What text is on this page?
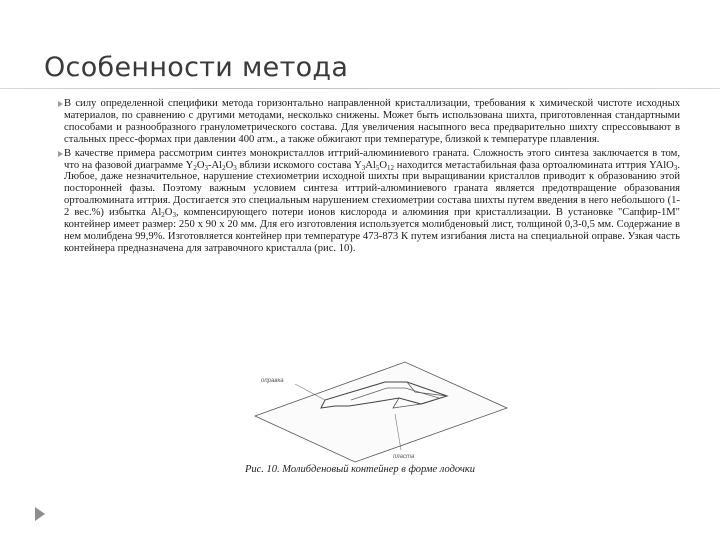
Особенности метода
В силу определенной специфики метода горизонтально направленной кристаллизации, требования к химической чистоте исходных материалов, по сравнению с другими методами, несколько снижены. Может быть использована шихта, приготовленная стандартными способами и разнообразного гранулометрического состава. Для увеличения насыпного веса предварительно шихту спрессовывают в стальных пресс-формах при давлении 400 атм., а также обжигают при температуре, близкой к температуре плавления.
В качестве примера рассмотрим синтез монокристаллов иттрий-алюминиевого граната. Сложность этого синтеза заключается в том, что на фазовой диаграмме $Y_2O_3-Al_2O_3$ вблизи искомого состава $Y_3Al_5O_{12}$ находится метастабильная фаза ортоалюмината иттрия YAlO$_3$. Любое, даже незначительное, нарушение стехиометрии исходной шихты при выращивании кристаллов приводит к образованию этой посторонней фазы. Поэтому важным условием синтеза иттрий-алюминиевого граната является предотвращение образования ортоалюмината иттрия. Достигается это специальным нарушением стехиометрии состава шихты путем введения в него небольшого (1-2 вес.%) избытка $Al_2O_3$, компенсирующего потери ионов кислорода и алюминия при кристаллизации. В установке "Сапфир-1М" контейнер имеет размер: 250 x 90 x 20 мм. Для его изготовления используется молибденовый лист, толщиной 0,3-0,5 мм. Содержание в нем молибдена 99,9%. Изготовляется контейнер при температуре 473-873 К путем изгибания листа на специальной оправе. Узкая часть контейнера предназначена для затравочного кристалла (рис. 10).
оправка
пласта
Рис. 10. Молибденовый контейнер в форме лодочки
